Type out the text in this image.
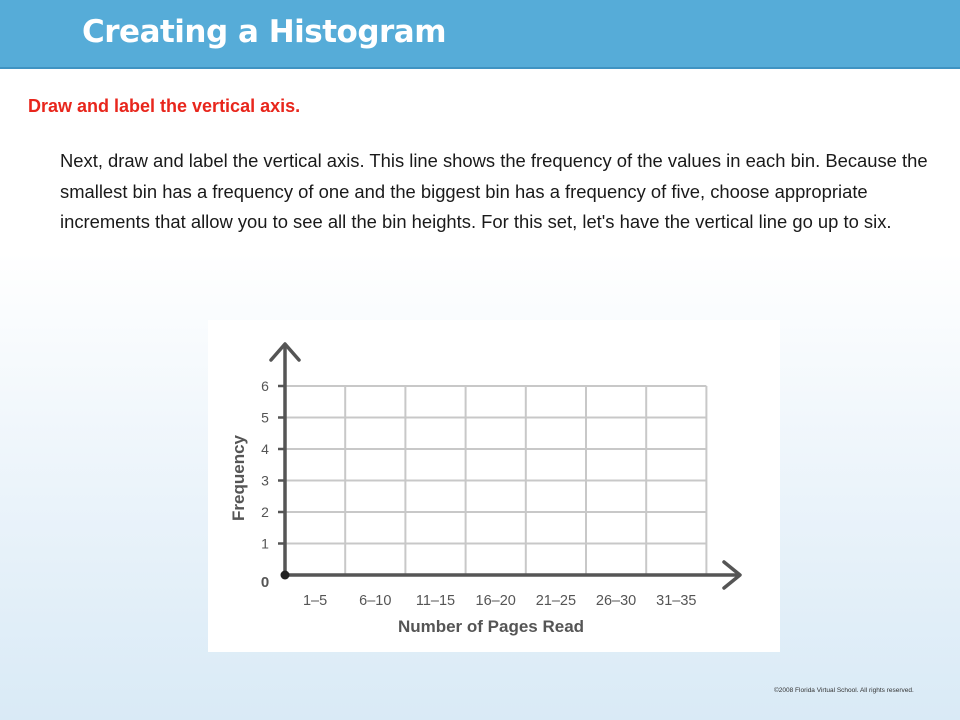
Creating a Histogram
Draw and label the vertical axis.

Next, draw and label the vertical axis. This line shows the frequency of the values in each bin. Because the smallest bin has a frequency of one and the biggest bin has a frequency of five, choose appropriate increments that allow you to see all the bin heights. For this set, let's have the vertical line go up to six.

1
2
3
4
5
6
0
1–5 6–10 11–15 16–20 21–25 26–30 31–35
Number of Pages Read
Frequency
©2008 Florida Virtual School. All rights reserved.
